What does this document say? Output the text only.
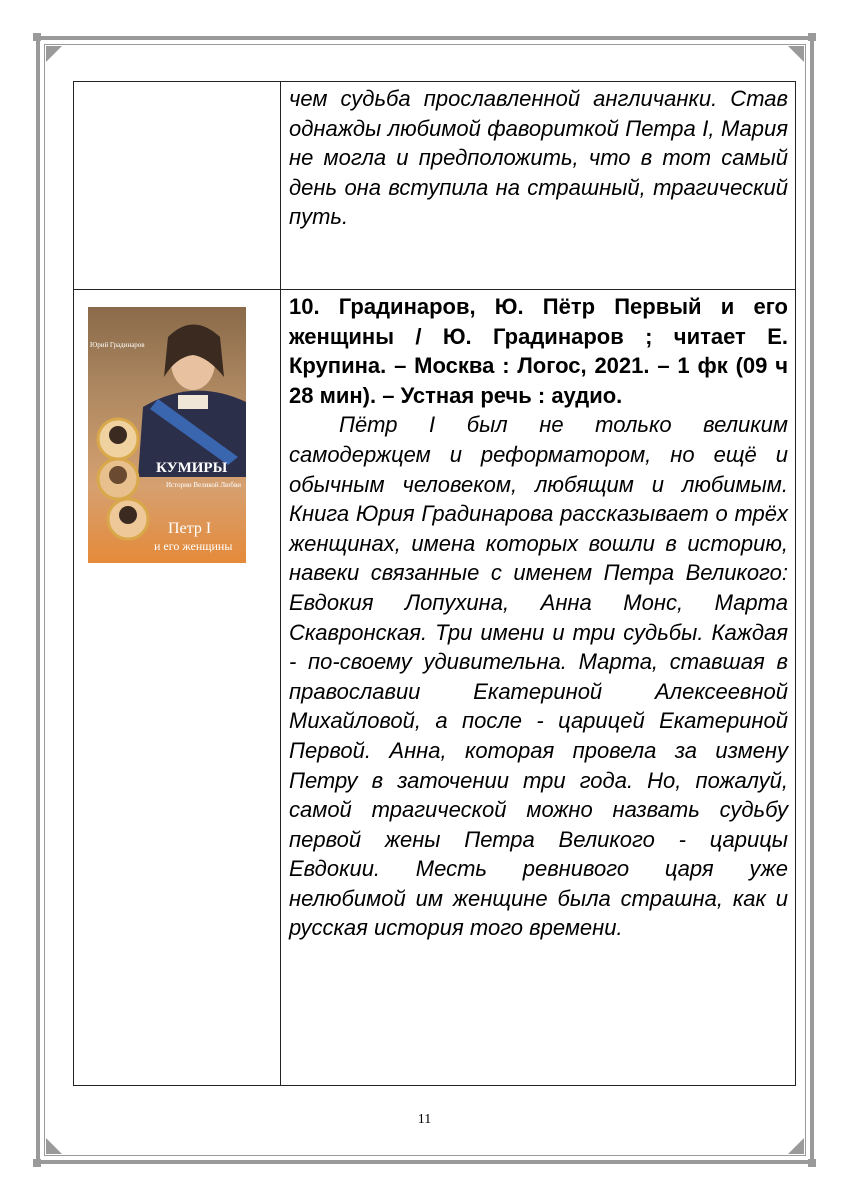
чем судьба прославленной англичанки. Став однажды любимой фавориткой Петра I, Мария не могла и предположить, что в тот самый день она вступила на страшный, трагический путь.
Юрий Градинаров
КУМИРЫ
Истории Великой Любви
Петр I
и его женщины
10. Градинаров, Ю. Пётр Первый и его женщины / Ю. Градинаров ; читает Е. Крупина. – Москва : Логос, 2021. – 1 фк (09 ч 28 мин). – Устная речь : аудио.
Пётр I был не только великим самодержцем и реформатором, но ещё и обычным человеком, любящим и любимым. Книга Юрия Градинарова рассказывает о трёх женщинах, имена которых вошли в историю, навеки связанные с именем Петра Великого: Евдокия Лопухина, Анна Монс, Марта Скавронская. Три имени и три судьбы. Каждая - по-своему удивительна. Марта, ставшая в православии Екатериной Алексеевной Михайловой, а после - царицей Екатериной Первой. Анна, которая провела за измену Петру в заточении три года. Но, пожалуй, самой трагической можно назвать судьбу первой жены Петра Великого - царицы Евдокии. Месть ревнивого царя уже нелюбимой им женщине была страшна, как и русская история того времени.
11
